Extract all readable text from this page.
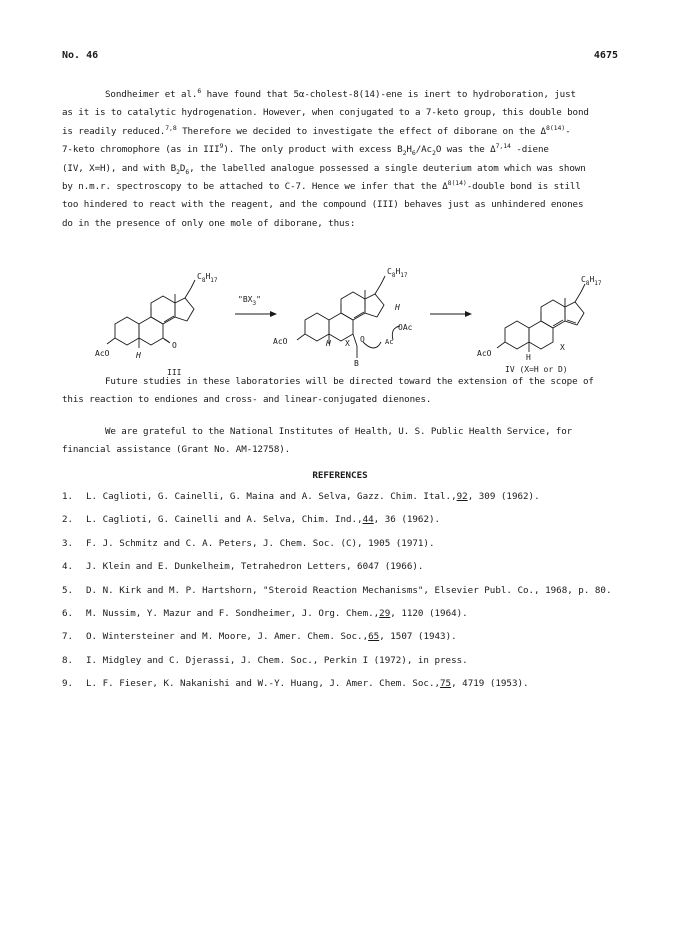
No. 46	4675

Sondheimer et al.$^6$ have found that 5α-cholest-8(14)-ene is inert to hydroboration, just

as it is to catalytic hydrogenation. However, when conjugated to a 7-keto group, this double bond

is readily reduced.$^{7,8}$ Therefore we decided to investigate the effect of diborane on the $\Delta^{8(14)}-$

7-keto chromophore (as in III$^9$). The only product with excess $B_2H_6/Ac_2O$ was the Δ$^{7,14}$ -diene

(IV, X=H), and with $B_2D_6$, the labelled analogue possessed a single deuterium atom which was shown

by n.m.r. spectroscopy to be attached to C-7. Hence we infer that the $\Delta^{8(14)}$-double bond is still

too hindered to react with the reagent, and the compound (III) behaves just as unhindered enones

do in the presence of only one mole of diborane, thus:

$C_8H_{17}$
AcO	H
O
III
"$BX_3$"
$C_8H_{17}$
AcO	H X O
B
Ac
OAc
H
$C_8H_{17}$
AcO	H
X
IV (X=H or D)

Future studies in these laboratories will be directed toward the extension of the scope of

this reaction to endiones and cross- and linear-conjugated dienones.

We are grateful to the National Institutes of Health, U. S. Public Health Service, for

financial assistance (Grant No. AM-12758).

REFERENCES
1.	L. Caglioti, G. Cainelli, G. Maina and A. Selva, Gazz. Chim. Ital., 92 , 309 (1962).
2.	L. Caglioti, G. Cainelli and A. Selva, Chim. Ind., 44 , 36 (1962).
3.	F. J. Schmitz and C. A. Peters, J. Chem. Soc. (C), 1905 (1971).
4.	J. Klein and E. Dunkelheim, Tetrahedron Letters, 6047 (1966).
5.	D. N. Kirk and M. P. Hartshorn, "Steroid Reaction Mechanisms", Elsevier Publ. Co., 1968, p. 80.
6.	M. Nussim, Y. Mazur and F. Sondheimer, J. Org. Chem., 29 , 1120 (1964).
7.	O. Wintersteiner and M. Moore, J. Amer. Chem. Soc., 65 , 1507 (1943).
8.	I. Midgley and C. Djerassi, J. Chem. Soc., Perkin I (1972), in press.
9.	L. F. Fieser, K. Nakanishi and W.-Y. Huang, J. Amer. Chem. Soc., 75 , 4719 (1953).
